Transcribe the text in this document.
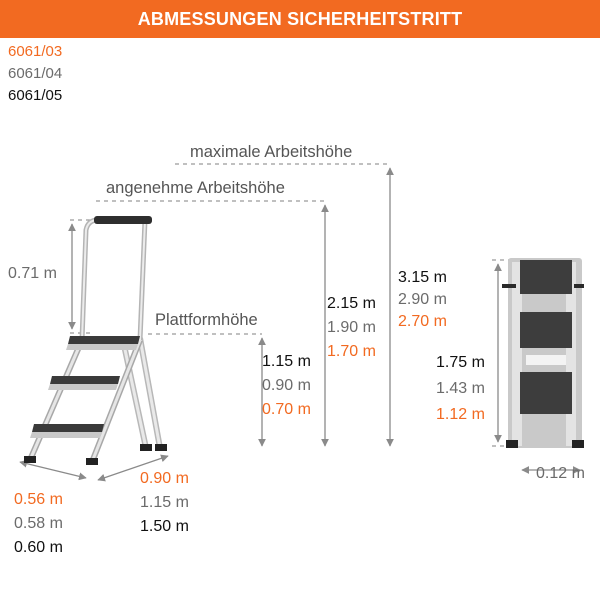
ABMESSUNGEN SICHERHEITSTRITT
6061/03
6061/04
6061/05
maximale Arbeitshöhe
angenehme Arbeitshöhe
Plattformhöhe
0.71 m
1.15 m
0.90 m
0.70 m
2.15 m
1.90 m
1.70 m
3.15 m
2.90 m
2.70 m
1.75 m
1.43 m
1.12 m
0.12 m
0.56 m
0.58 m
0.60 m
0.90 m
1.15 m
1.50 m
